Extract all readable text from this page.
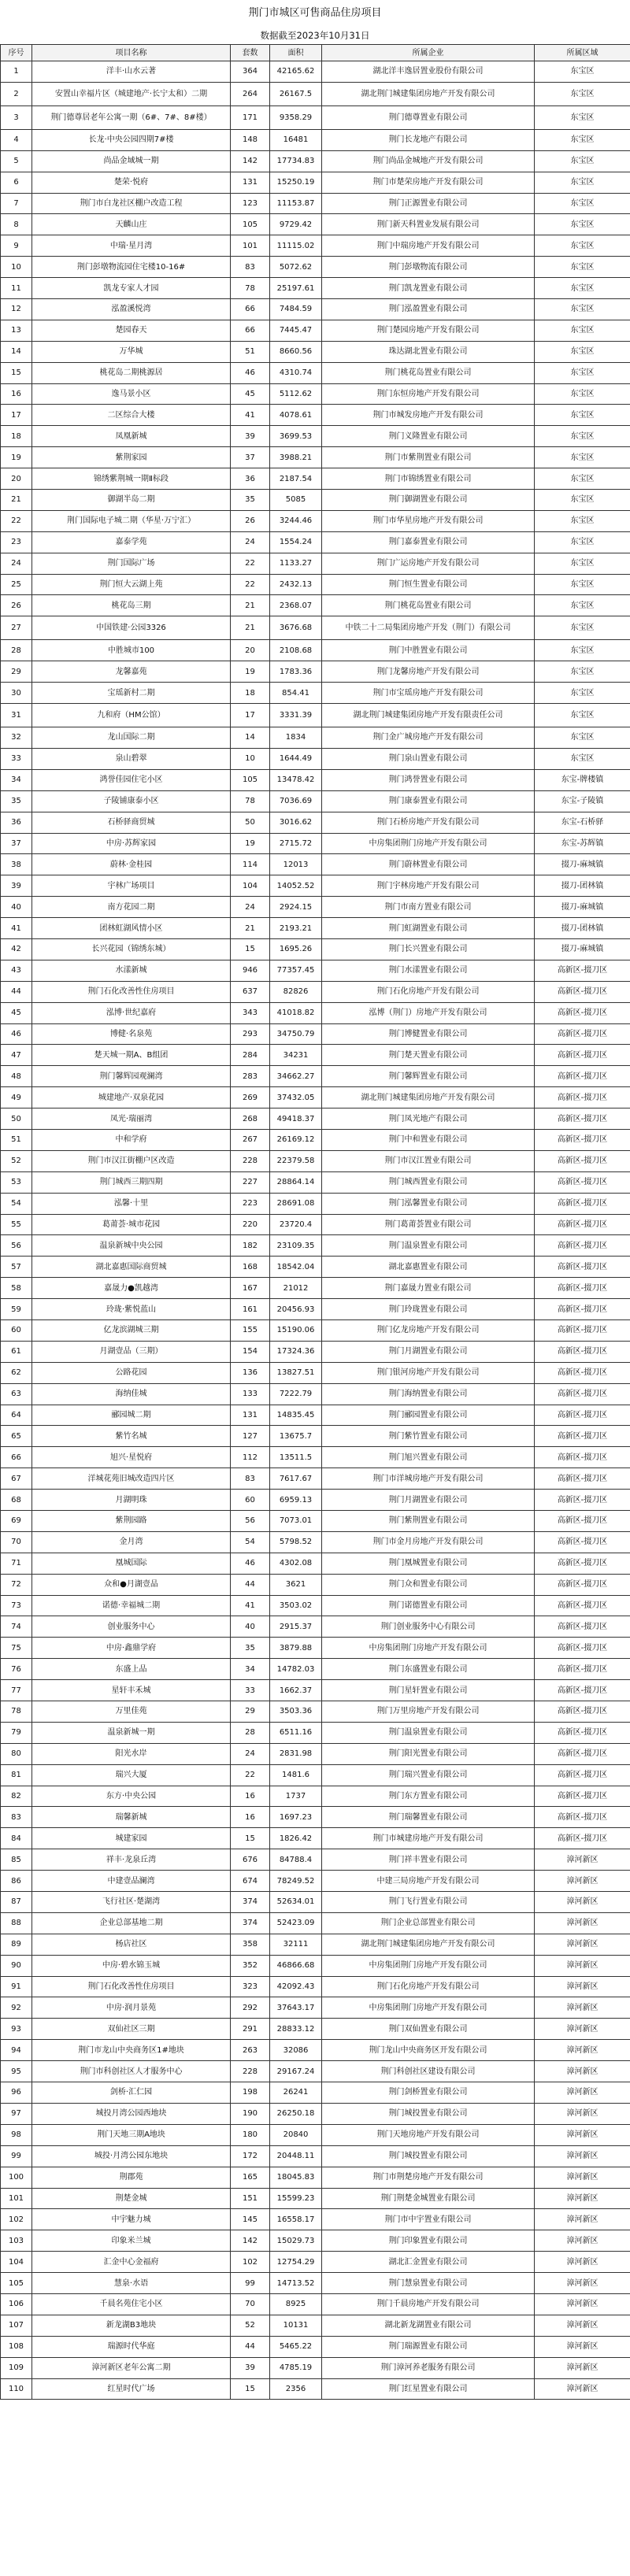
荆门市城区可售商品住房项目
数据截至2023年10月31日
序号	项目名称	套数	面积	所属企业	所属区域
1	洋丰·山水云著	364	42165.62	湖北洋丰逸居置业股份有限公司	东宝区
2	安置山幸福片区（城建地产·长宁太和）二期	264	26167.5	湖北荆门城建集团房地产开发有限公司	东宝区
3	荆门德尊居老年公寓一期（6#、7#、8#楼）	171	9358.29	荆门德尊置业有限公司	东宝区
4	长龙·中央公园四期7#楼	148	16481	荆门长龙地产有限公司	东宝区
5	尚品金域城一期	142	17734.83	荆门尚品金城地产开发有限公司	东宝区
6	楚荣·悦府	131	15250.19	荆门市楚荣房地产开发有限公司	东宝区
7	荆门市白龙社区棚户改造工程	123	11153.87	荆门正源置业有限公司	东宝区
8	天麟山庄	105	9729.42	荆门新天科置业发展有限公司	东宝区
9	中瑞·星月湾	101	11115.02	荆门中瑞房地产开发有限公司	东宝区
10	荆门彭墩物流园住宅楼10-16#	83	5072.62	荆门彭墩物流有限公司	东宝区
11	凯龙专家人才园	78	25197.61	荆门凯龙置业有限公司	东宝区
12	泓盈溪悦湾	66	7484.59	荆门泓盈置业有限公司	东宝区
13	楚园春天	66	7445.47	荆门楚园房地产开发有限公司	东宝区
14	万华城	51	8660.56	珠达湖北置业有限公司	东宝区
15	桃花岛二期桃源居	46	4310.74	荆门桃花岛置业有限公司	东宝区
16	逸马景小区	45	5112.62	荆门东恒房地产开发有限公司	东宝区
17	二区综合大楼	41	4078.61	荆门市城发房地产开发有限公司	东宝区
18	凤凰新城	39	3699.53	荆门义隆置业有限公司	东宝区
19	紫荆家园	37	3988.21	荆门市紫荆置业有限公司	东宝区
20	锦绣紫荆城一期Ⅱ标段	36	2187.54	荆门市锦绣置业有限公司	东宝区
21	御湖半岛二期	35	5085	荆门御湖置业有限公司	东宝区
22	荆门国际电子城二期（华星·万宁汇）	26	3244.46	荆门市华星房地产开发有限公司	东宝区
23	嘉泰学苑	24	1554.24	荆门嘉泰置业有限公司	东宝区
24	荆门国际广场	22	1133.27	荆门广运房地产开发有限公司	东宝区
25	荆门恒大云湖上苑	22	2432.13	荆门恒生置业有限公司	东宝区
26	桃花岛三期	21	2368.07	荆门桃花岛置业有限公司	东宝区
27	中国铁建·公园3326	21	3676.68	中铁二十二局集团房地产开发（荆门）有限公司	东宝区
28	中胜城市100	20	2108.68	荆门中胜置业有限公司	东宝区
29	龙馨嘉苑	19	1783.36	荆门龙馨房地产开发有限公司	东宝区
30	宝瑶新村二期	18	854.41	荆门市宝瑶房地产开发有限公司	东宝区
31	九和府（HM公馆）	17	3331.39	湖北荆门城建集团房地产开发有限责任公司	东宝区
32	龙山国际二期	14	1834	荆门金广城房地产开发有限公司	东宝区
33	泉山碧翠	10	1644.49	荆门泉山置业有限公司	东宝区
34	鸿誉佳园住宅小区	105	13478.42	荆门鸿誉置业有限公司	东宝-牌楼镇
35	子陵铺康泰小区	78	7036.69	荆门康泰置业有限公司	东宝-子陵镇
36	石桥驿商贸城	50	3016.62	荆门石桥房地产开发有限公司	东宝-石桥驿
37	中房·苏辉家园	19	2715.72	中房集团荆门房地产开发有限公司	东宝-苏辉镇
38	蔚林·金桂园	114	12013	荆门蔚林置业有限公司	掇刀-麻城镇
39	宇林广场项目	104	14052.52	荆门宇林房地产开发有限公司	掇刀-团林镇
40	南方花园二期	24	2924.15	荆门市南方置业有限公司	掇刀-麻城镇
41	团林虹湖风情小区	21	2193.21	荆门虹湖置业有限公司	掇刀-团林镇
42	长兴花园（锦绣东城）	15	1695.26	荆门长兴置业有限公司	掇刀-麻城镇
43	水漾新城	946	77357.45	荆门水漾置业有限公司	高新区-掇刀区
44	荆门石化改善性住房项目	637	82826	荆门石化房地产开发有限公司	高新区-掇刀区
45	泓博·世纪嘉府	343	41018.82	泓博（荆门）房地产开发有限公司	高新区-掇刀区
46	博健·名泉苑	293	34750.79	荆门博健置业有限公司	高新区-掇刀区
47	楚天城一期A、B组团	284	34231	荆门楚天置业有限公司	高新区-掇刀区
48	荆门馨辉园观澜湾	283	34662.27	荆门馨辉置业有限公司	高新区-掇刀区
49	城建地产·双泉花园	269	37432.05	湖北荆门城建集团房地产开发有限公司	高新区-掇刀区
50	凤光·瑞丽湾	268	49418.37	荆门凤光地产有限公司	高新区-掇刀区
51	中和学府	267	26169.12	荆门中和置业有限公司	高新区-掇刀区
52	荆门市汉江街棚户区改造	228	22379.58	荆门市汉江置业有限公司	高新区-掇刀区
53	荆门城西三期四期	227	28864.14	荆门城西置业有限公司	高新区-掇刀区
54	泓馨·十里	223	28691.08	荆门泓馨置业有限公司	高新区-掇刀区
55	葛莆荟·城市花园	220	23720.4	荆门葛莆荟置业有限公司	高新区-掇刀区
56	温泉新城中央公园	182	23109.35	荆门温泉置业有限公司	高新区-掇刀区
57	湖北嘉惠国际商贸城	168	18542.04	湖北嘉惠置业有限公司	高新区-掇刀区
58	嘉晟力●凯越湾	167	21012	荆门嘉晟力置业有限公司	高新区-掇刀区
59	玲珑·紫悦蓝山	161	20456.93	荆门玲珑置业有限公司	高新区-掇刀区
60	亿龙滨湖城三期	155	15190.06	荆门亿龙房地产开发有限公司	高新区-掇刀区
61	月湖壹品（三期）	154	17324.36	荆门月湖置业有限公司	高新区-掇刀区
62	公路花园	136	13827.51	荆门银河房地产开发有限公司	高新区-掇刀区
63	海纳佳城	133	7222.79	荆门海纳置业有限公司	高新区-掇刀区
64	郦园城二期	131	14835.45	荆门郦园置业有限公司	高新区-掇刀区
65	紫竹名城	127	13675.7	荆门紫竹置业有限公司	高新区-掇刀区
66	旭兴·星悦府	112	13511.5	荆门旭兴置业有限公司	高新区-掇刀区
67	洋城花苑旧城改造四片区	83	7617.67	荆门市洋城房地产开发有限公司	高新区-掇刀区
68	月湖明珠	60	6959.13	荆门月湖置业有限公司	高新区-掇刀区
69	紫荆园路	56	7073.01	荆门紫荆置业有限公司	高新区-掇刀区
70	金月湾	54	5798.52	荆门市金月房地产开发有限公司	高新区-掇刀区
71	凰城国际	46	4302.08	荆门凰城置业有限公司	高新区-掇刀区
72	众和●月湖壹品	44	3621	荆门众和置业有限公司	高新区-掇刀区
73	诺德·幸福城二期	41	3503.02	荆门诺德置业有限公司	高新区-掇刀区
74	创业服务中心	40	2915.37	荆门创业服务中心有限公司	高新区-掇刀区
75	中房·鑫鼎学府	35	3879.88	中房集团荆门房地产开发有限公司	高新区-掇刀区
76	东盛上品	34	14782.03	荆门东盛置业有限公司	高新区-掇刀区
77	星轩丰禾城	33	1662.37	荆门星轩置业有限公司	高新区-掇刀区
78	万里佳苑	29	3503.36	荆门万里房地产开发有限公司	高新区-掇刀区
79	温泉新城一期	28	6511.16	荆门温泉置业有限公司	高新区-掇刀区
80	阳光水岸	24	2831.98	荆门阳光置业有限公司	高新区-掇刀区
81	瑞兴大厦	22	1481.6	荆门瑞兴置业有限公司	高新区-掇刀区
82	东方·中央公园	16	1737	荆门东方置业有限公司	高新区-掇刀区
83	瑞馨新城	16	1697.23	荆门瑞馨置业有限公司	高新区-掇刀区
84	城建家园	15	1826.42	荆门市城建房地产开发有限公司	高新区-掇刀区
85	祥丰·龙泉丘湾	676	84788.4	荆门祥丰置业有限公司	漳河新区
86	中建壹品澜湾	674	78249.52	中建三局房地产开发有限公司	漳河新区
87	飞行社区·楚湖湾	374	52634.01	荆门飞行置业有限公司	漳河新区
88	企业总部基地二期	374	52423.09	荆门企业总部置业有限公司	漳河新区
89	杨店社区	358	32111	湖北荆门城建集团房地产开发有限公司	漳河新区
90	中房·碧水锦玉城	352	46866.68	中房集团荆门房地产开发有限公司	漳河新区
91	荆门石化改善性住房项目	323	42092.43	荆门石化房地产开发有限公司	漳河新区
92	中房·润月景苑	292	37643.17	中房集团荆门房地产开发有限公司	漳河新区
93	双仙社区三期	291	28833.12	荆门双仙置业有限公司	漳河新区
94	荆门市龙山中央商务区1#地块	263	32086	荆门龙山中央商务区开发有限公司	漳河新区
95	荆门市科创社区人才服务中心	228	29167.24	荆门科创社区建设有限公司	漳河新区
96	剑桥·汇仁园	198	26241	荆门剑桥置业有限公司	漳河新区
97	城投月湾公园西地块	190	26250.18	荆门城投置业有限公司	漳河新区
98	荆门天地三期A地块	180	20840	荆门天地房地产开发有限公司	漳河新区
99	城投·月湾公园东地块	172	20448.11	荆门城投置业有限公司	漳河新区
100	荆郡苑	165	18045.83	荆门市荆楚房地产开发有限公司	漳河新区
101	荆楚金城	151	15599.23	荆门荆楚金城置业有限公司	漳河新区
102	中宇魅力城	145	16558.17	荆门市中宇置业有限公司	漳河新区
103	印象米兰城	142	15029.73	荆门印象置业有限公司	漳河新区
104	汇金中心金福府	102	12754.29	湖北汇金置业有限公司	漳河新区
105	慧泉·水语	99	14713.52	荆门慧泉置业有限公司	漳河新区
106	千晨名苑住宅小区	70	8925	荆门千晨房地产开发有限公司	漳河新区
107	新龙湖B3地块	52	10131	湖北新龙湖置业有限公司	漳河新区
108	瑞源时代华庭	44	5465.22	荆门瑞源置业有限公司	漳河新区
109	漳河新区老年公寓二期	39	4785.19	荆门漳河养老服务有限公司	漳河新区
110	红星时代广场	15	2356	荆门红星置业有限公司	漳河新区
